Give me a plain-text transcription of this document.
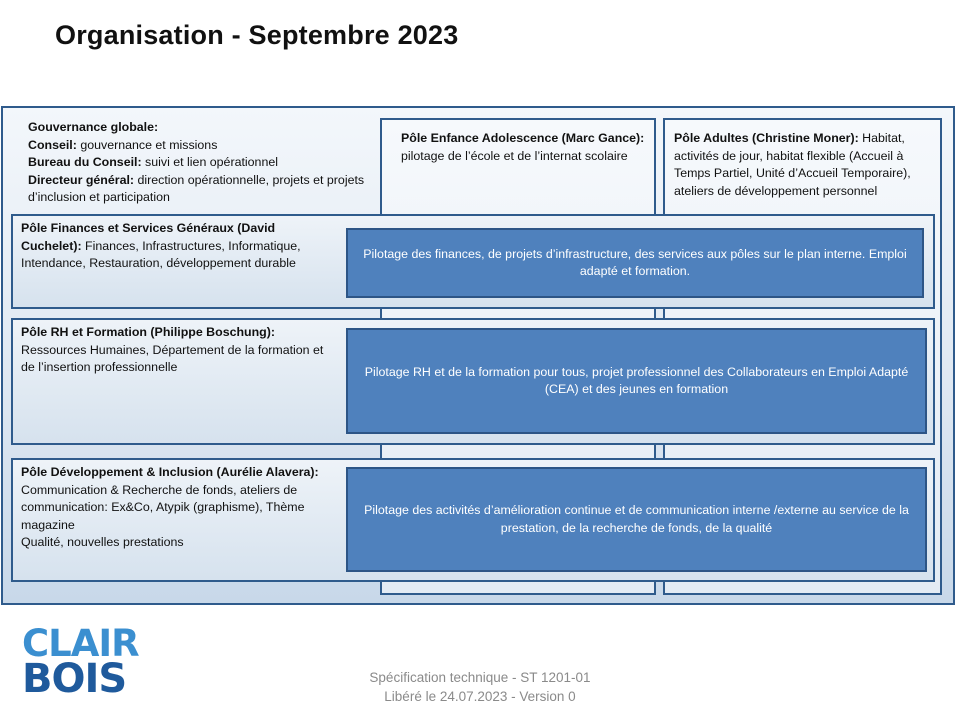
Organisation - Septembre 2023
Pôle Enfance Adolescence (Marc Gance): pilotage de l’école et de l’internat scolaire
Pôle Adultes (Christine Moner): Habitat, activités de jour, habitat flexible (Accueil à Temps Partiel, Unité d’Accueil Temporaire), ateliers de développement personnel
Gouvernance globale:
Conseil: gouvernance et missions
Bureau du Conseil: suivi et lien opérationnel
Directeur général: direction opérationnelle, projets et projets d’inclusion et participation
Pôle Finances et Services Généraux (David Cuchelet): Finances, Infrastructures, Informatique, Intendance, Restauration, développement durable
Pilotage des finances, de projets d’infrastructure, des services aux pôles sur le plan interne. Emploi adapté et formation.
Pôle RH et Formation (Philippe Boschung): Ressources Humaines, Département de la formation et de l’insertion professionnelle	Pilotage RH et de la formation pour tous, projet professionnel des Collaborateurs en Emploi Adapté (CEA) et des jeunes en formation
Pôle Développement & Inclusion (Aurélie Alavera):
Communication & Recherche de fonds, ateliers de communication: Ex&Co, Atypik (graphisme), Thème magazine
Qualité, nouvelles prestations
Pilotage des activités d’amélioration continue et de communication interne /externe au service de la prestation, de la recherche de fonds, de la qualité
CLAIR
BOIS	Spécification technique - ST 1201-01
Libéré le 24.07.2023 - Version 0
